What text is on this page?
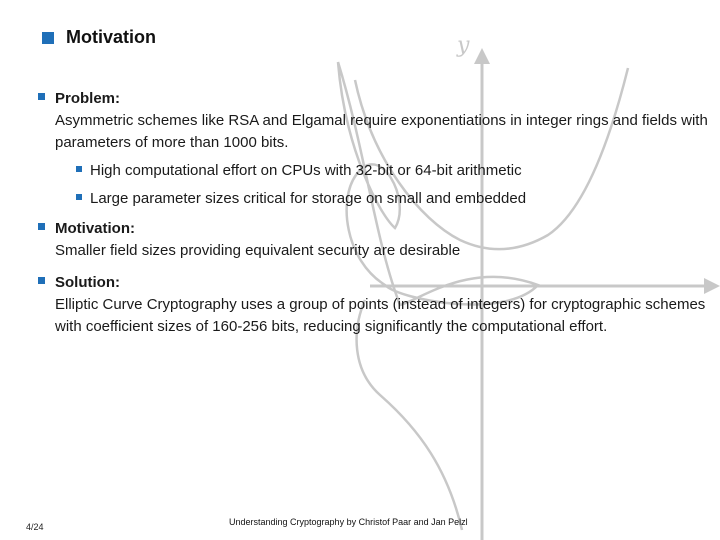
y
Motivation
Problem:
Asymmetric schemes like RSA and Elgamal require exponentiations in integer rings and fields with parameters of more than 1000 bits.
High computational effort on CPUs with 32-bit or 64-bit arithmetic
Large parameter sizes critical for storage on small and embedded
Motivation:
Smaller field sizes providing equivalent security are desirable
Solution:
Elliptic Curve Cryptography uses a group of points (instead of integers) for cryptographic schemes with coefficient sizes of 160-256 bits, reducing significantly the computational effort.
4/24	Understanding Cryptography by Christof Paar and Jan Pelzl
